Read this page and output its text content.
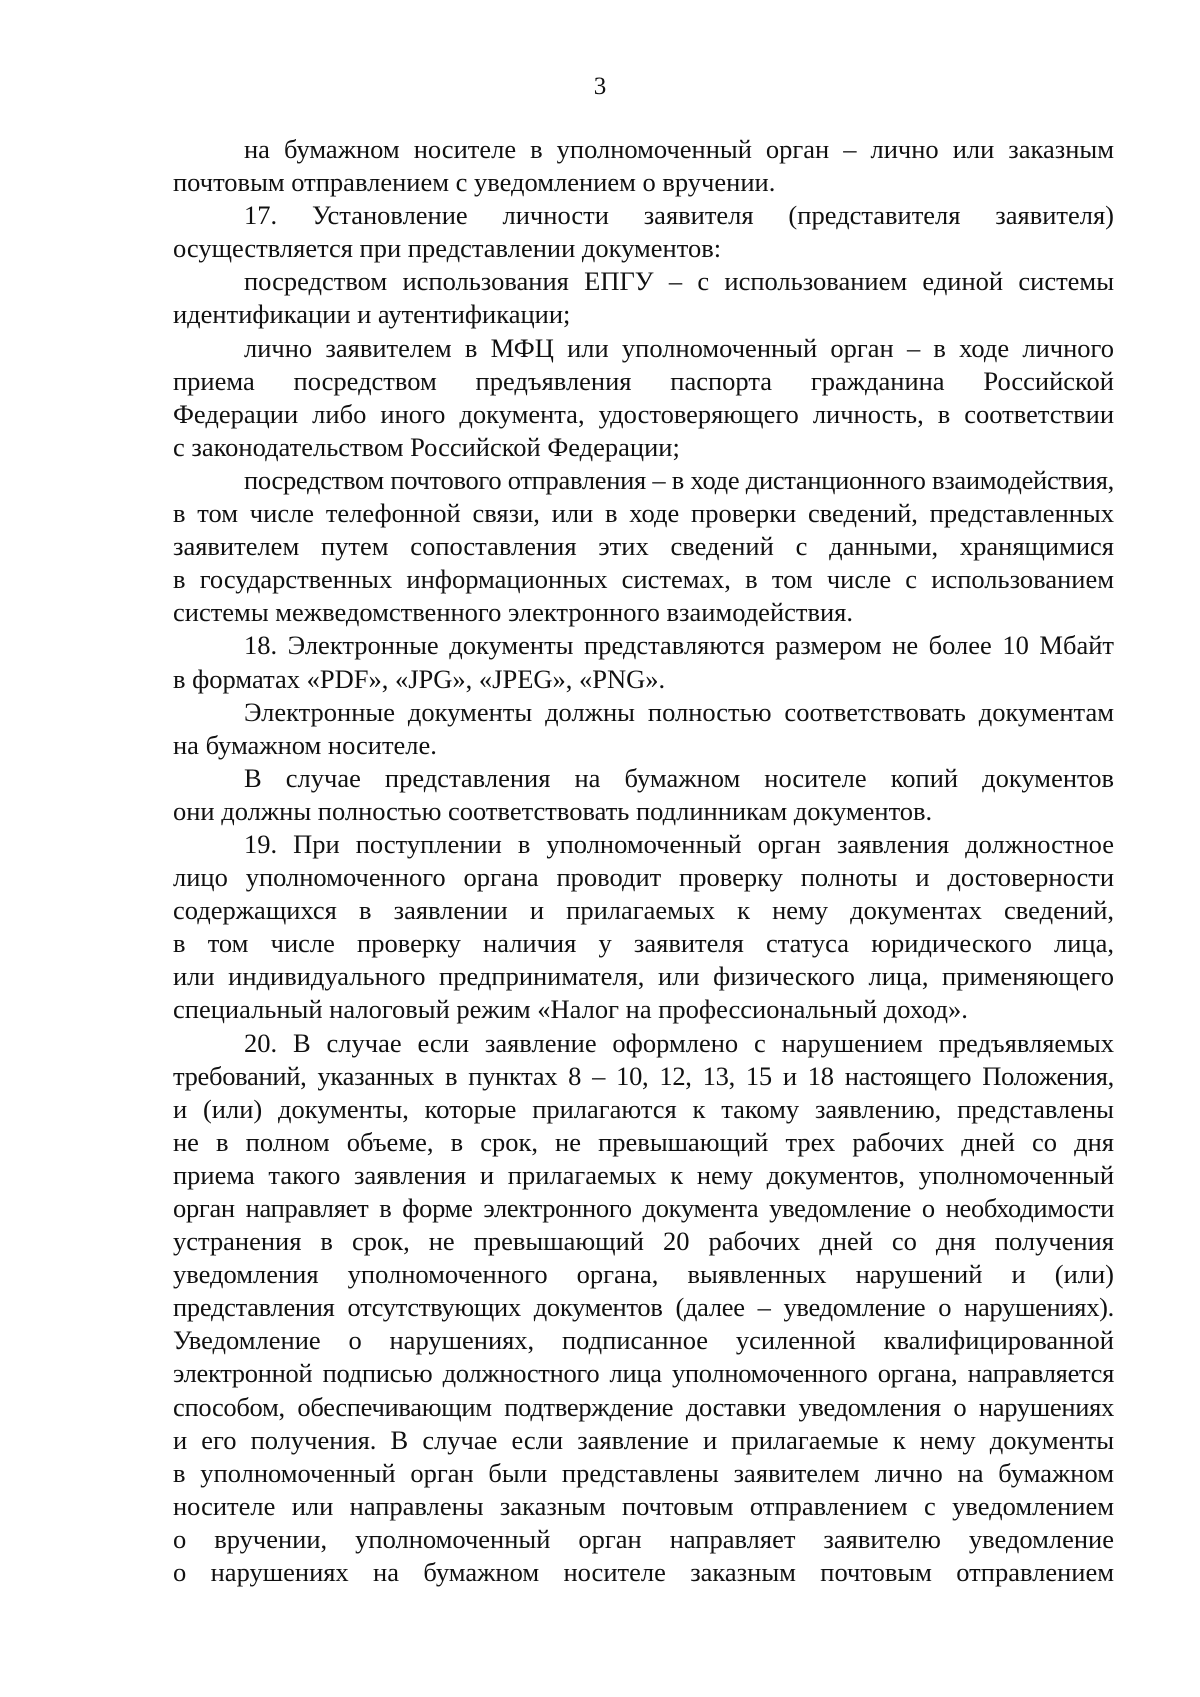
3
на бумажном носителе в уполномоченный орган – лично или заказным
почтовым отправлением с уведомлением о вручении.
17. Установление личности заявителя (представителя заявителя)
осуществляется при представлении документов:
посредством использования ЕПГУ – с использованием единой системы
идентификации и аутентификации;
лично заявителем в МФЦ или уполномоченный орган – в ходе личного
приема посредством предъявления паспорта гражданина Российской
Федерации либо иного документа, удостоверяющего личность, в соответствии
с законодательством Российской Федерации;
посредством почтового отправления – в ходе дистанционного взаимодействия,
в том числе телефонной связи, или в ходе проверки сведений, представленных
заявителем путем сопоставления этих сведений с данными, хранящимися
в государственных информационных системах, в том числе с использованием
системы межведомственного электронного взаимодействия.
18. Электронные документы представляются размером не более 10 Мбайт
в форматах «PDF», «JPG», «JPEG», «PNG».
Электронные документы должны полностью соответствовать документам
на бумажном носителе.
В случае представления на бумажном носителе копий документов
они должны полностью соответствовать подлинникам документов.
19. При поступлении в уполномоченный орган заявления должностное
лицо уполномоченного органа проводит проверку полноты и достоверности
содержащихся в заявлении и прилагаемых к нему документах сведений,
в том числе проверку наличия у заявителя статуса юридического лица,
или индивидуального предпринимателя, или физического лица, применяющего
специальный налоговый режим «Налог на профессиональный доход».
20. В случае если заявление оформлено с нарушением предъявляемых
требований, указанных в пунктах 8 – 10, 12, 13, 15 и 18 настоящего Положения,
и (или) документы, которые прилагаются к такому заявлению, представлены
не в полном объеме, в срок, не превышающий трех рабочих дней со дня
приема такого заявления и прилагаемых к нему документов, уполномоченный
орган направляет в форме электронного документа уведомление о необходимости
устранения в срок, не превышающий 20 рабочих дней со дня получения
уведомления уполномоченного органа, выявленных нарушений и (или)
представления отсутствующих документов (далее – уведомление о нарушениях).
Уведомление о нарушениях, подписанное усиленной квалифицированной
электронной подписью должностного лица уполномоченного органа, направляется
способом, обеспечивающим подтверждение доставки уведомления о нарушениях
и его получения. В случае если заявление и прилагаемые к нему документы
в уполномоченный орган были представлены заявителем лично на бумажном
носителе или направлены заказным почтовым отправлением с уведомлением
о вручении, уполномоченный орган направляет заявителю уведомление
о нарушениях на бумажном носителе заказным почтовым отправлением
